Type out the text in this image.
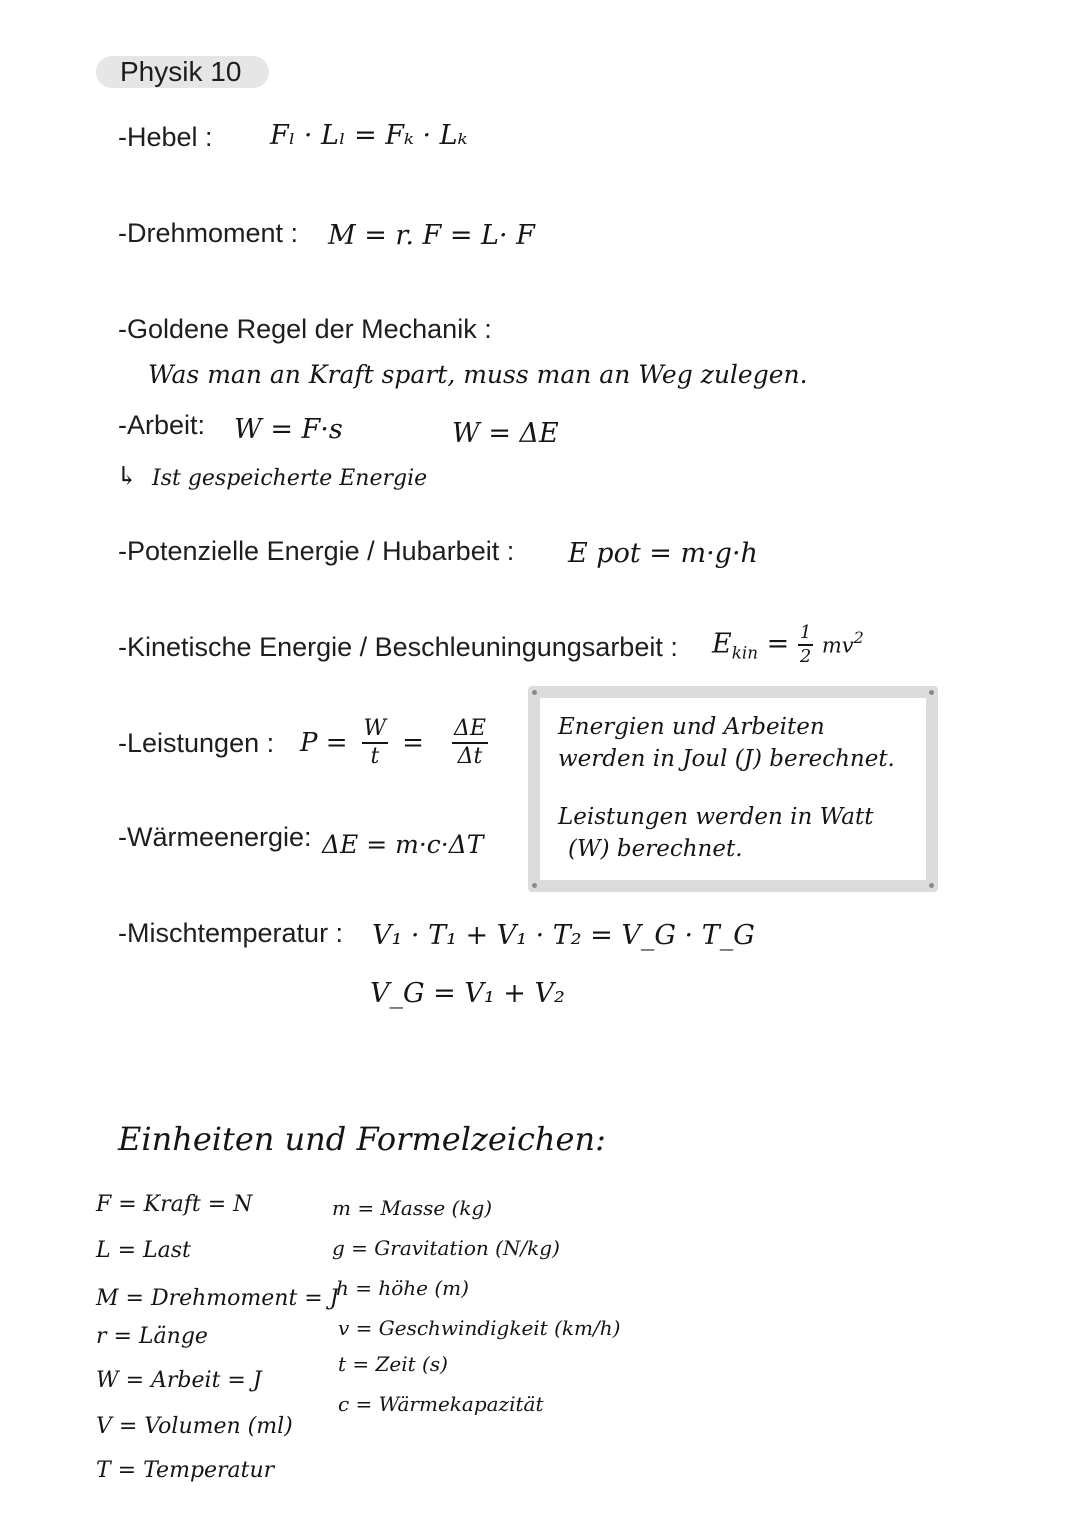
Physik 10
-Hebel : Fₗ · Lₗ = Fₖ · Lₖ
-Drehmoment : M = r. F = L· F
-Goldene Regel der Mechanik :
Was man an Kraft spart, muss man an Weg zulegen.
-Arbeit: W = F·s	W = ΔE
↳ Ist gespeicherte Energie
-Potenzielle Energie / Hubarbeit : E pot = m·g·h
-Kinetische Energie / Beschleuningungsarbeit : $E_{kin} = \frac{1}{2} mv^2$
-Leistungen : $P = \frac{W}{t} = \frac{\Delta E}{\Delta t}$
-Wärmeenergie: ΔE = m·c·ΔT
Energien und Arbeiten
werden in Joul (J) berechnet.
Leistungen werden in Watt
(W) berechnet.
-Mischtemperatur : V₁ · T₁ + V₁ · T₂ = V_G · T_G
V_G = V₁ + V₂
Einheiten und Formelzeichen:
F = Kraft = N
L = Last
M = Drehmoment = J
r = Länge
W = Arbeit = J
V = Volumen (ml)
T = Temperatur
m = Masse (kg)
g = Gravitation (N/kg)
h = höhe (m)
v = Geschwindigkeit (km/h)
t = Zeit (s)
c = Wärmekapazität
